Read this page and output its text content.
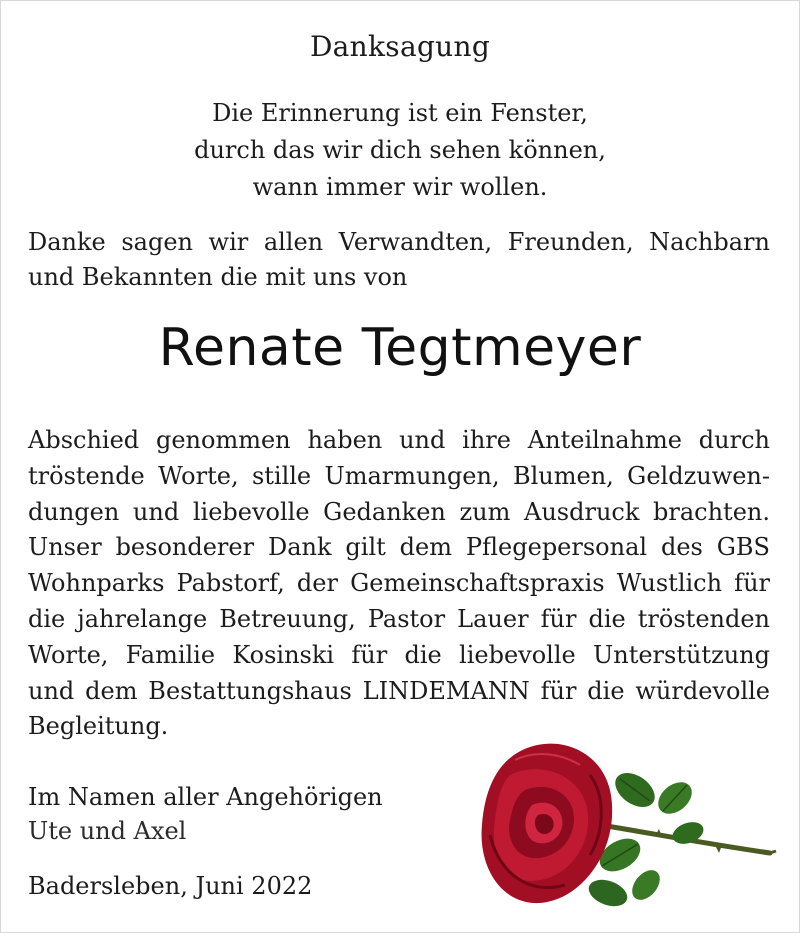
Danksagung
Die Erinnerung ist ein Fenster,
durch das wir dich sehen können,
wann immer wir wollen.
Danke sagen wir allen Verwandten, Freunden, Nachbarn
und Bekannten die mit uns von
Renate Tegtmeyer
Abschied genommen haben und ihre Anteilnahme durch
tröstende Worte, stille Umarmungen, Blumen, Geldzuwen-
dungen und liebevolle Gedanken zum Ausdruck brachten.
Unser besonderer Dank gilt dem Pflegepersonal des GBS
Wohnparks Pabstorf, der Gemeinschaftspraxis Wustlich für
die jahrelange Betreuung, Pastor Lauer für die tröstenden
Worte, Familie Kosinski für die liebevolle Unterstützung
und dem Bestattungshaus LINDEMANN für die würdevolle
Begleitung.
Im Namen aller Angehörigen
Ute und Axel
Badersleben, Juni 2022
